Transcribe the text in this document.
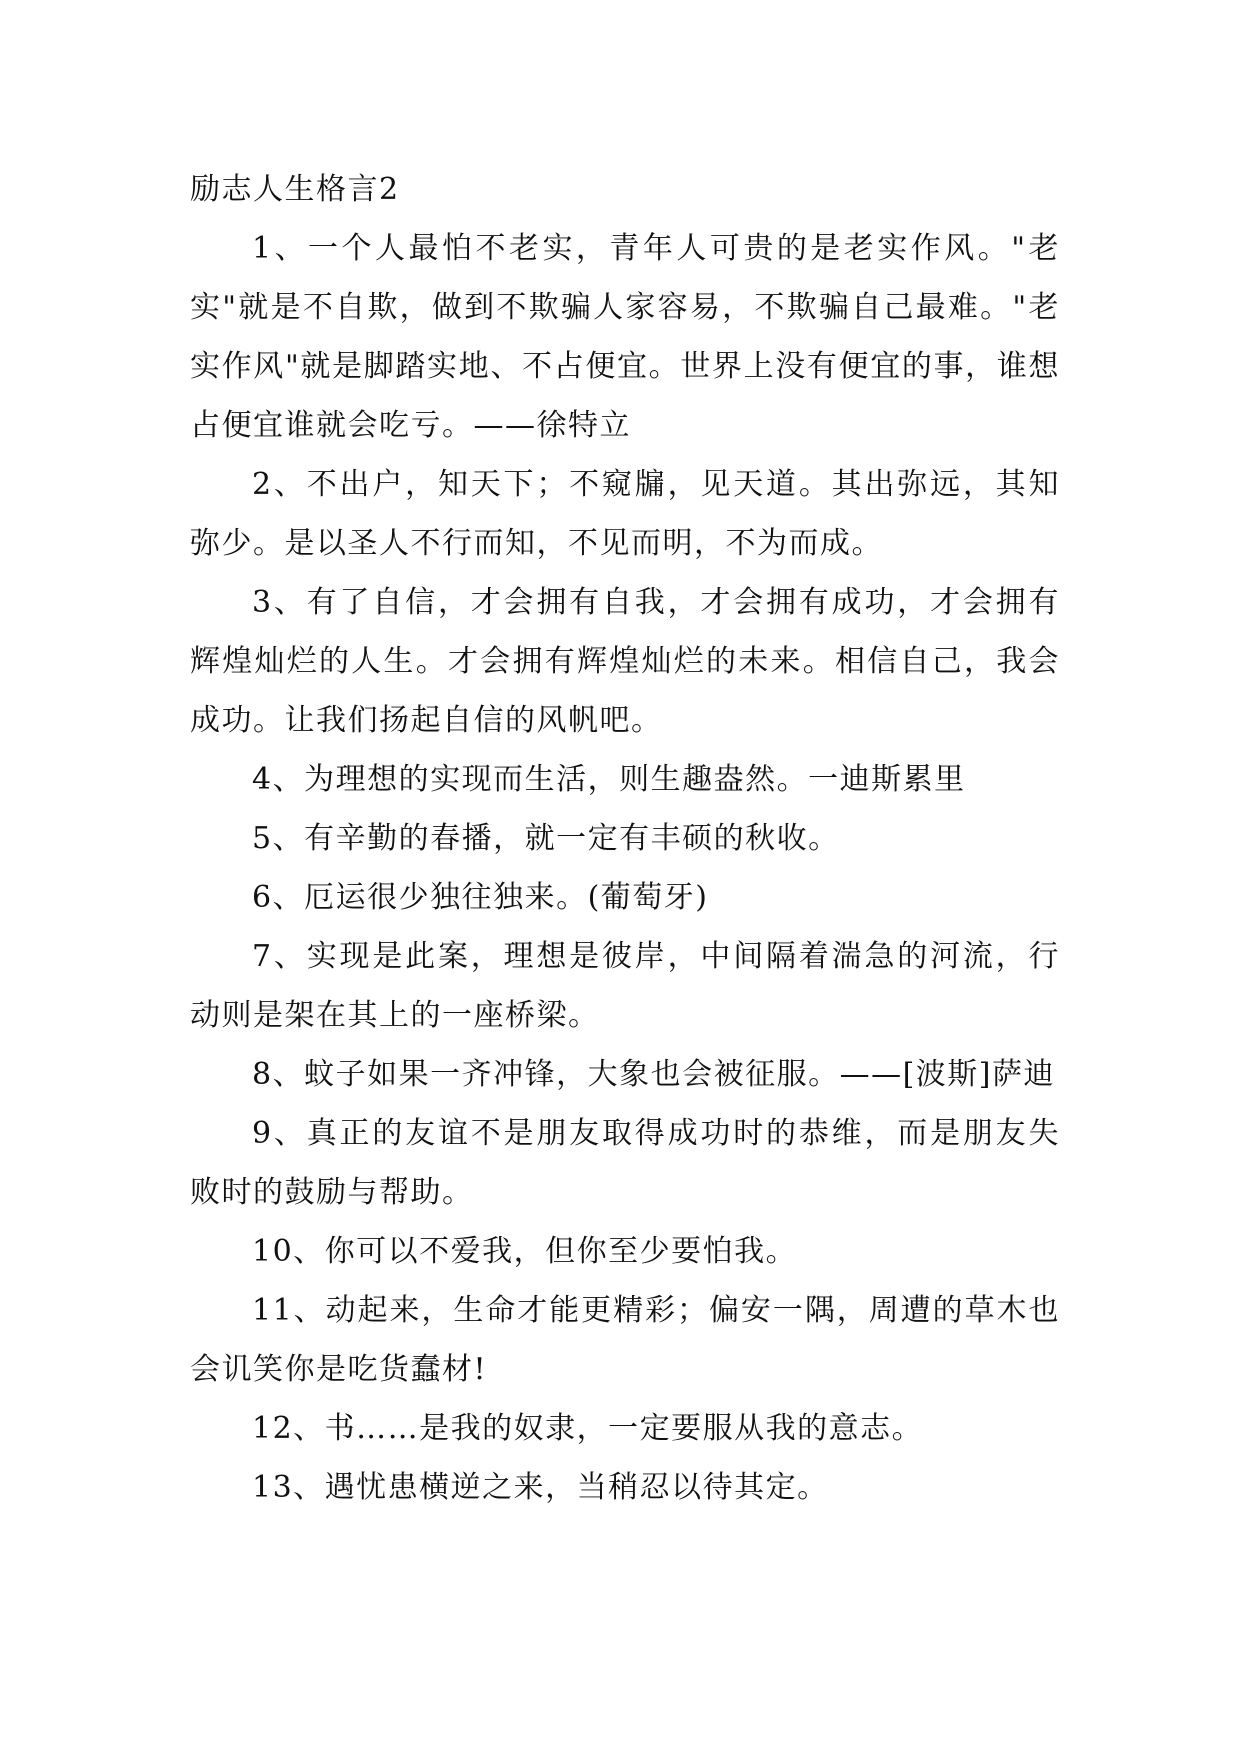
励志人生格言2

1、一个人最怕不老实，青年人可贵的是老实作风。"老实"就是不自欺，做到不欺骗人家容易，不欺骗自己最难。"老实作风"就是脚踏实地、不占便宜。世界上没有便宜的事，谁想占便宜谁就会吃亏。——徐特立

2、不出户，知天下；不窥牖，见天道。其出弥远，其知弥少。是以圣人不行而知，不见而明，不为而成。

3、有了自信，才会拥有自我，才会拥有成功，才会拥有辉煌灿烂的人生。才会拥有辉煌灿烂的未来。相信自己，我会成功。让我们扬起自信的风帆吧。

4、为理想的实现而生活，则生趣盎然。一迪斯累里

5、有辛勤的春播，就一定有丰硕的秋收。

6、厄运很少独往独来。(葡萄牙)

7、实现是此案，理想是彼岸，中间隔着湍急的河流，行动则是架在其上的一座桥梁。

8、蚊子如果一齐冲锋，大象也会被征服。——[波斯]萨迪

9、真正的友谊不是朋友取得成功时的恭维，而是朋友失败时的鼓励与帮助。

10、你可以不爱我，但你至少要怕我。

11、动起来，生命才能更精彩；偏安一隅，周遭的草木也会讥笑你是吃货蠢材!

12、书……是我的奴隶，一定要服从我的意志。

13、遇忧患横逆之来，当稍忍以待其定。
